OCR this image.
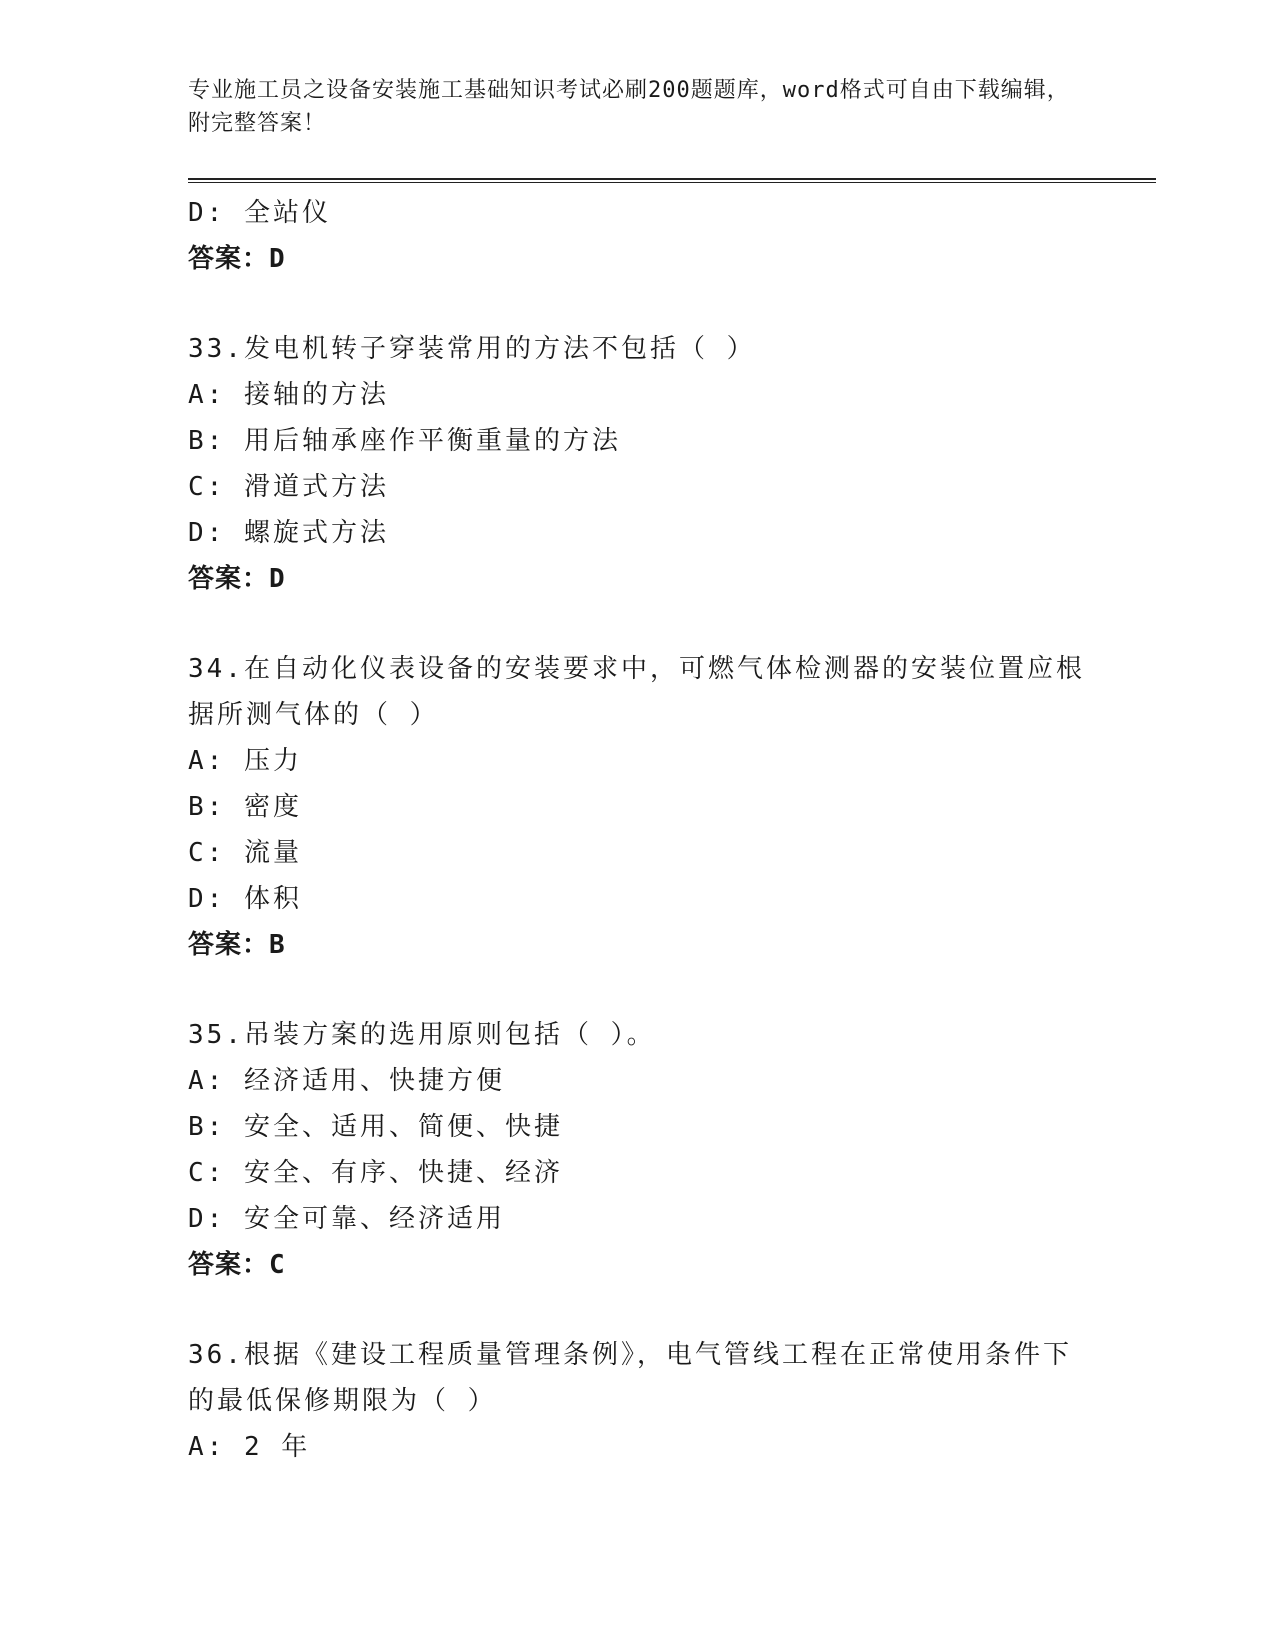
专业施工员之设备安装施工基础知识考试必刷200题题库，word格式可自由下载编辑，附完整答案！
D: 全站仪
答案：D
33.发电机转子穿装常用的方法不包括（ ）
A: 接轴的方法
B: 用后轴承座作平衡重量的方法
C: 滑道式方法
D: 螺旋式方法
答案：D
34.在自动化仪表设备的安装要求中，可燃气体检测器的安装位置应根
据所测气体的（ ）
A: 压力
B: 密度
C: 流量
D: 体积
答案：B
35.吊装方案的选用原则包括（ ）。
A: 经济适用、快捷方便
B: 安全、适用、简便、快捷
C: 安全、有序、快捷、经济
D: 安全可靠、经济适用
答案：C
36.根据《建设工程质量管理条例》，电气管线工程在正常使用条件下
的最低保修期限为（ ）
A: 2 年
